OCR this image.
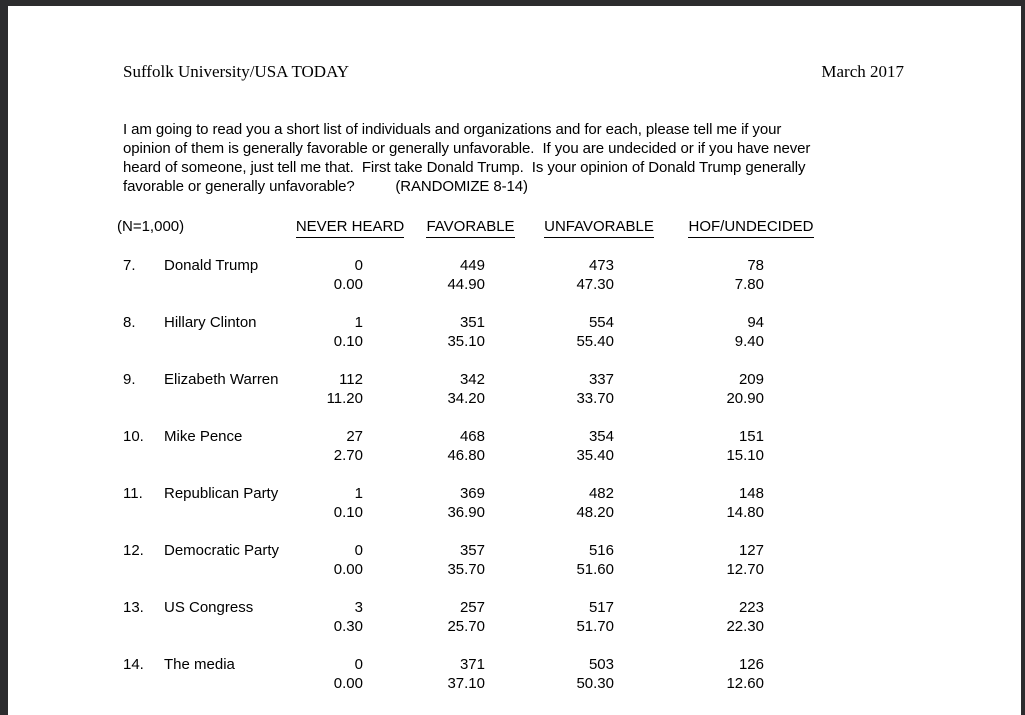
Suffolk University/USA TODAY	March 2017
I am going to read you a short list of individuals and organizations and for each, please tell me if your
opinion of them is generally favorable or generally unfavorable.  If you are undecided or if you have never
heard of someone, just tell me that.  First take Donald Trump.  Is your opinion of Donald Trump generally
favorable or generally unfavorable?          (RANDOMIZE 8-14)
(N=1,000)		NEVER HEARD	FAVORABLE	UNFAVORABLE	HOF/UNDECIDED

7.	Donald Trump	0	449	473	78
		0.00	44.90	47.30	7.80

8.	Hillary Clinton	1	351	554	94
		0.10	35.10	55.40	9.40

9.	Elizabeth Warren	112	342	337	209
		11.20	34.20	33.70	20.90

10.	Mike Pence	27	468	354	151
		2.70	46.80	35.40	15.10

11.	Republican Party	1	369	482	148
		0.10	36.90	48.20	14.80

12.	Democratic Party	0	357	516	127
		0.00	35.70	51.60	12.70

13.	US Congress	3	257	517	223
		0.30	25.70	51.70	22.30

14.	The media	0	371	503	126
		0.00	37.10	50.30	12.60
